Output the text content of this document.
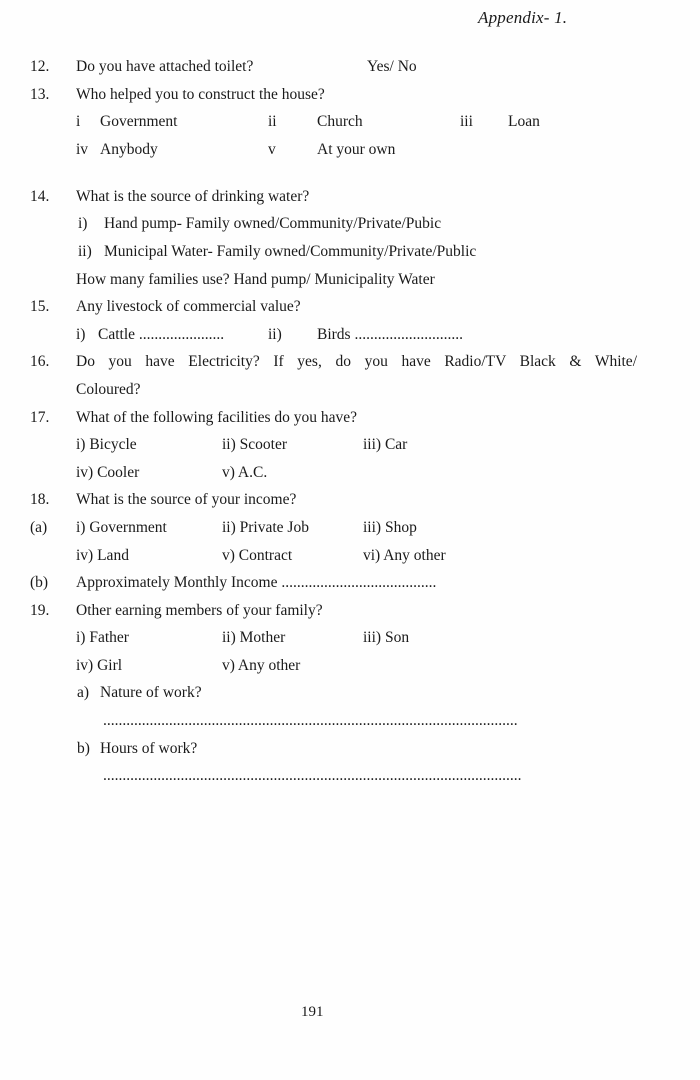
Appendix- 1.
12. Do you have attached toilet?	Yes/ No
13. Who helped you to construct the house?
i Government	ii	Church	iii Loan
iv Anybody	v	At your own
14. What is the source of drinking water?
i) Hand pump- Family owned/Community/Private/Pubic
ii) Municipal Water- Family owned/Community/Private/Public
How many families use? Hand pump/ Municipality Water
15. Any livestock of commercial value?
i) Cattle ......................	ii) Birds ............................
16. Do you have Electricity? If yes, do you have Radio/TV Black & White/
Coloured?
17. What of the following facilities do you have?
i) Bicycle	ii) Scooter	iii) Car
iv) Cooler	v) A.C.
18. What is the source of your income?
(a) i) Government	ii) Private Job	iii) Shop
iv) Land	v) Contract	vi) Any other
(b) Approximately Monthly Income ........................................
19. Other earning members of your family?
i) Father	ii) Mother	iii) Son
iv) Girl	v) Any other
a) Nature of work?
...........................................................................................................
b) Hours of work?
............................................................................................................
191
